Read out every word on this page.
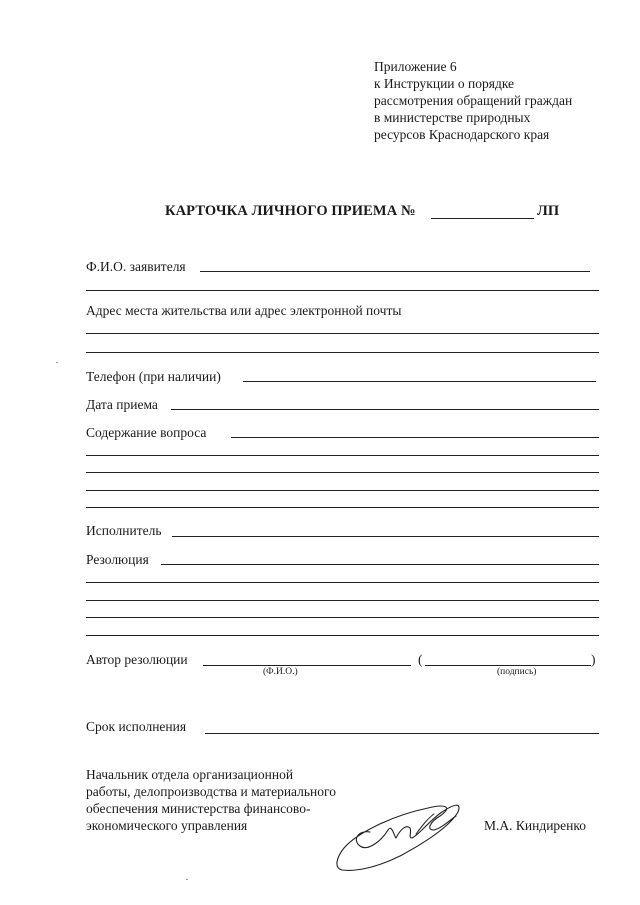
Приложение 6
к Инструкции о порядке
рассмотрения обращений граждан
в министерстве природных
ресурсов Краснодарского края
КАРТОЧКА ЛИЧНОГО ПРИЕМА №	ЛП
Ф.И.О. заявителя
Адрес места жительства или адрес электронной почты
Телефон (при наличии)
Дата приема
Содержание вопроса
Исполнитель
Резолюция
Автор резолюции	(	)
(Ф.И.О.)	(подпись)
Срок исполнения
Начальник отдела организационной
работы, делопроизводства и материального
обеспечения министерства финансово-
экономического управления	М.А. Киндиренко
